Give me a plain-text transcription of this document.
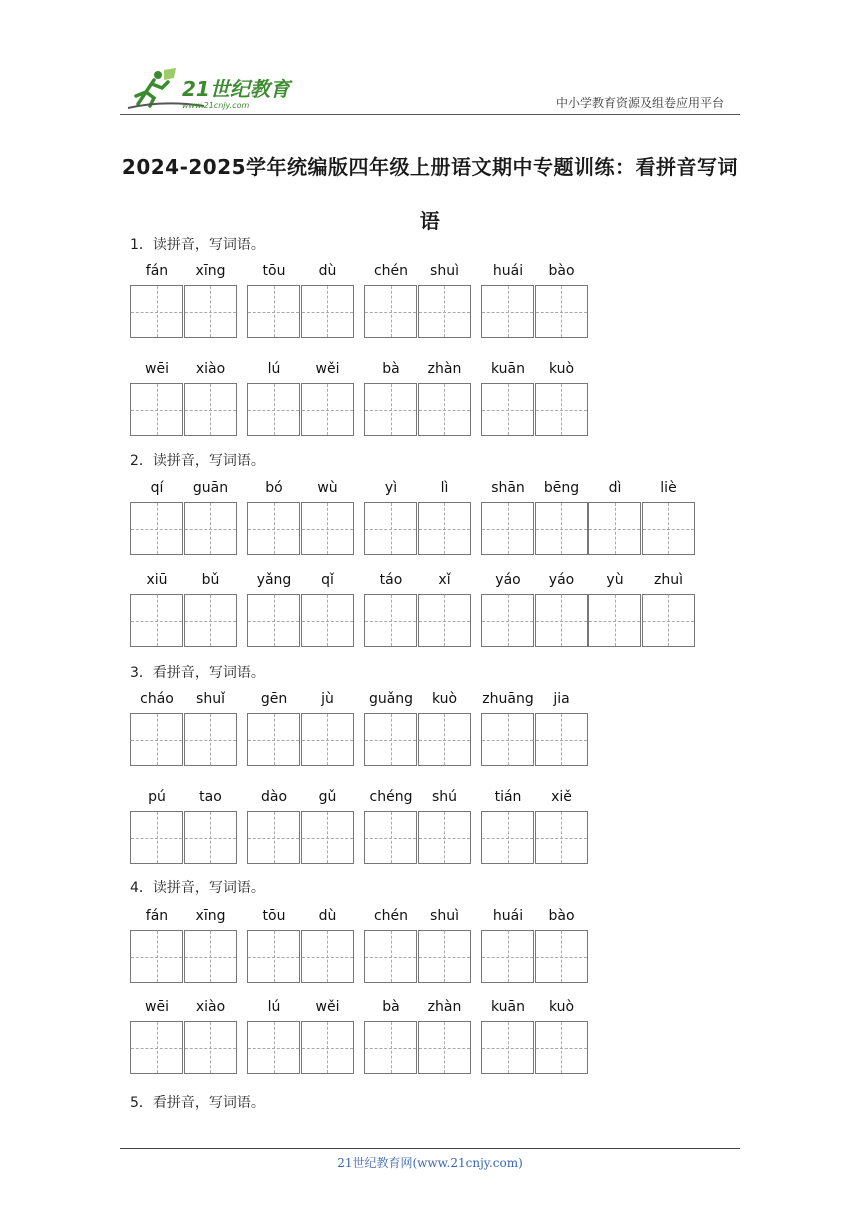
21世纪教育
www.21cnjy.com	中小学教育资源及组卷应用平台
2024-2025学年统编版四年级上册语文期中专题训练：看拼音写词语
1．读拼音，写词语。
fán	xīng	tōu	dù	chén	shuì	huái	bào
wēi	xiào	lú	wěi	bà	zhàn	kuān	kuò
2．读拼音，写词语。
qí	guān	bó	wù	yì	lì	shān	bēng	dì	liè
xiū	bǔ	yǎng	qǐ	táo	xǐ	yáo	yáo	yù	zhuì
3．看拼音，写词语。
cháo	shuǐ	gēn	jù	guǎng	kuò	zhuāng	jia
pú	tao	dào	gǔ	chéng	shú	tián	xiě
4．读拼音，写词语。
fán	xīng	tōu	dù	chén	shuì	huái	bào
wēi	xiào	lú	wěi	bà	zhàn	kuān	kuò
5．看拼音，写词语。
21世纪教育网(www.21cnjy.com)
